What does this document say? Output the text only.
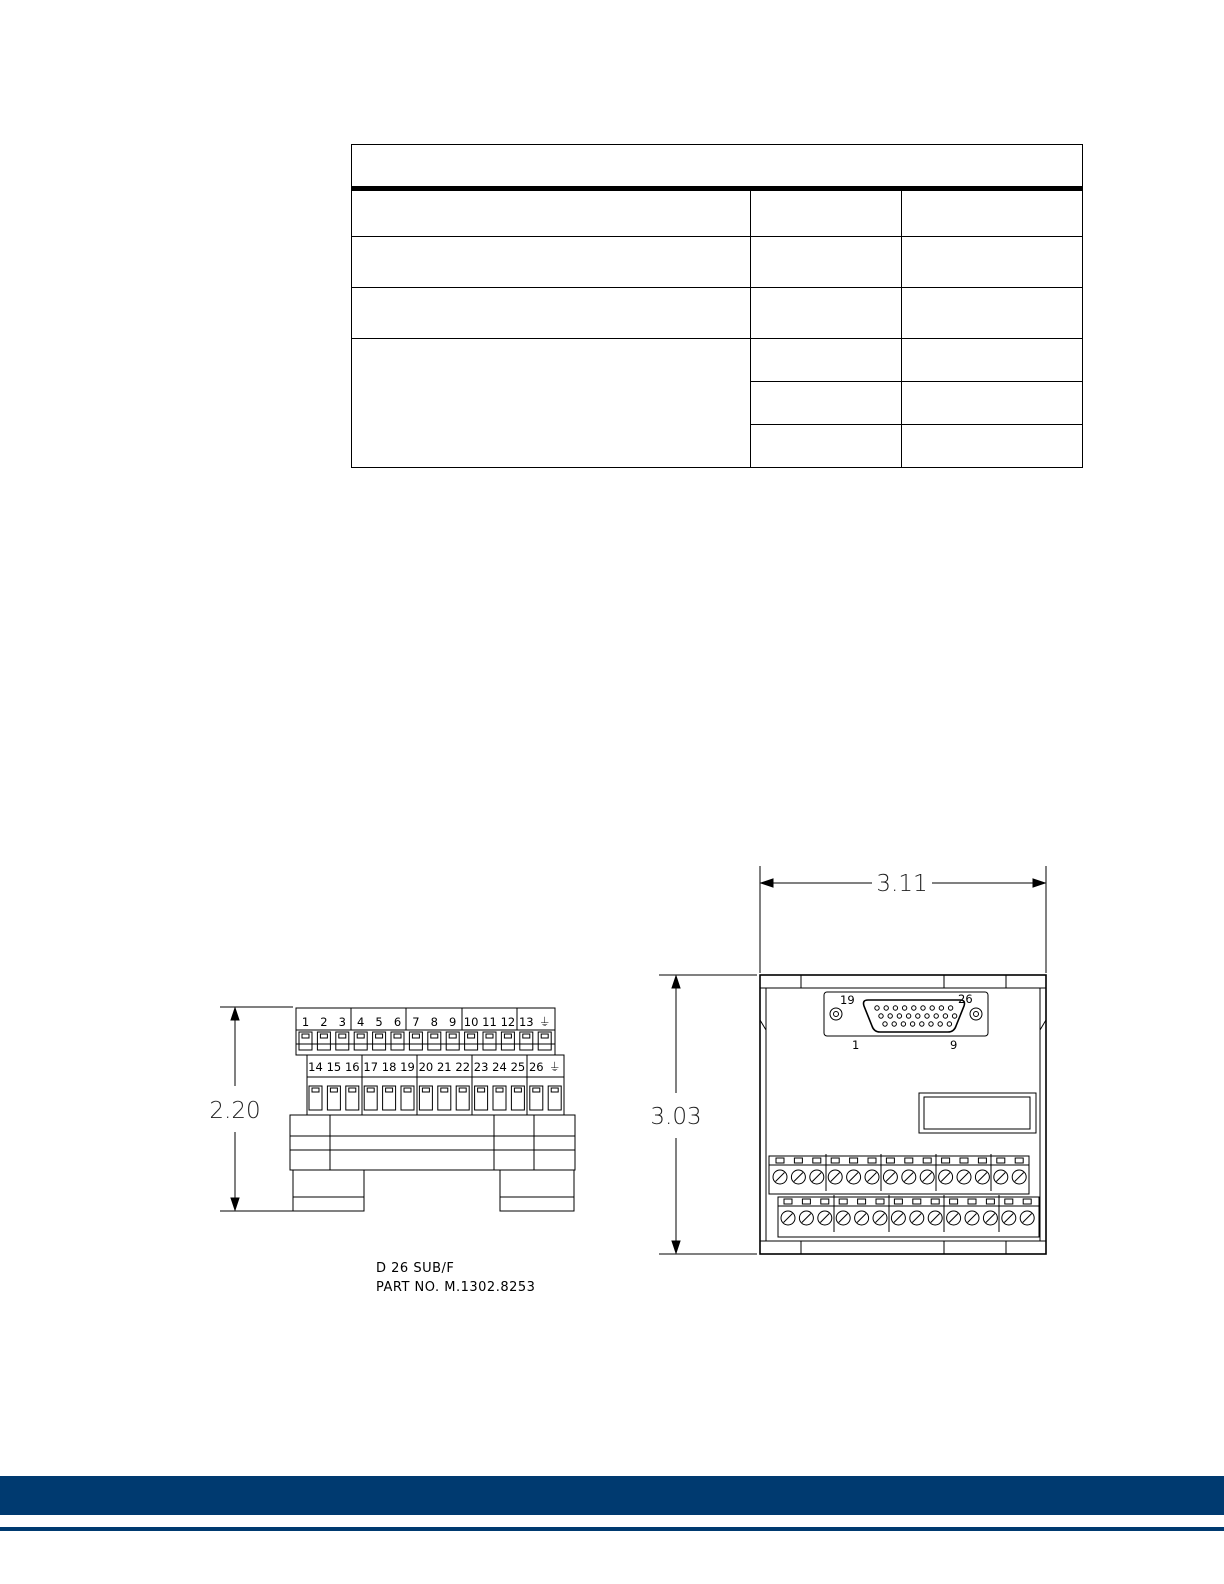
2.20
1 2 3 4 5 6 7 8 9 10 11 12 13 ⏚
14 15 16 17 18 19 20 21 22 23 24 25 26 ⏚
D 26 SUB/F
PART NO. M.1302.8253
3.11
3.03
19	26
1	9
